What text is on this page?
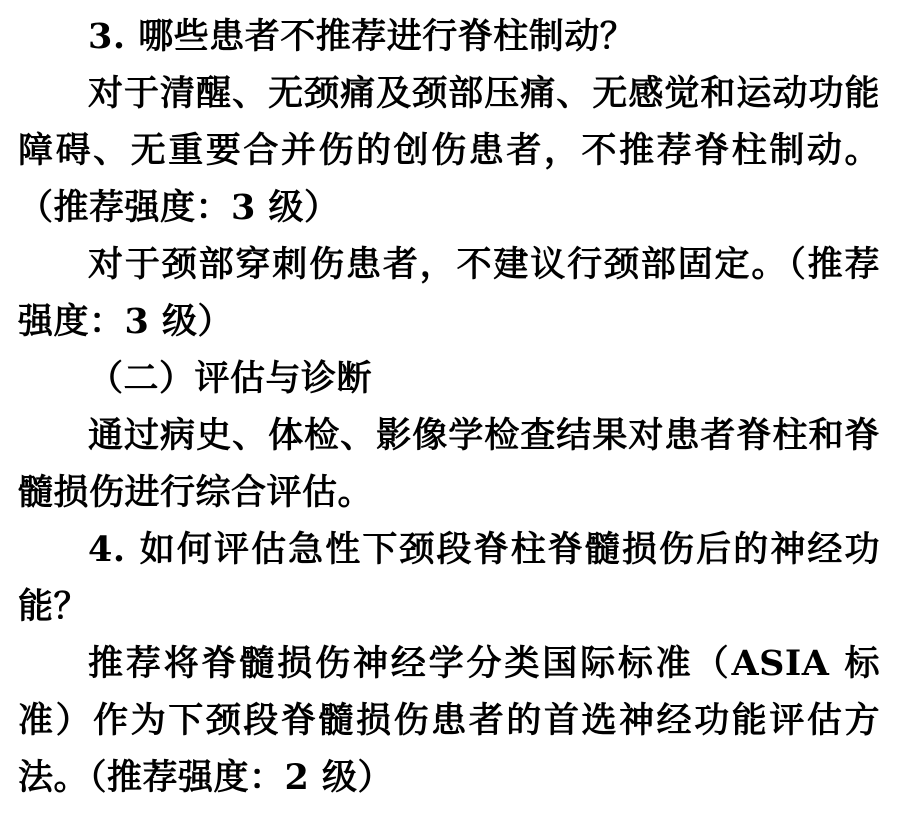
3. 哪些患者不推荐进行脊柱制动？
对于清醒、无颈痛及颈部压痛、无感觉和运动功能障碍、无重要合并伤的创伤患者，不推荐脊柱制动。（推荐强度：3 级）
对于颈部穿刺伤患者，不建议行颈部固定。（推荐强度：3 级）
（二）评估与诊断
通过病史、体检、影像学检查结果对患者脊柱和脊髓损伤进行综合评估。
4. 如何评估急性下颈段脊柱脊髓损伤后的神经功能？
推荐将脊髓损伤神经学分类国际标准（ASIA 标准）作为下颈段脊髓损伤患者的首选神经功能评估方法。（推荐强度：2 级）
